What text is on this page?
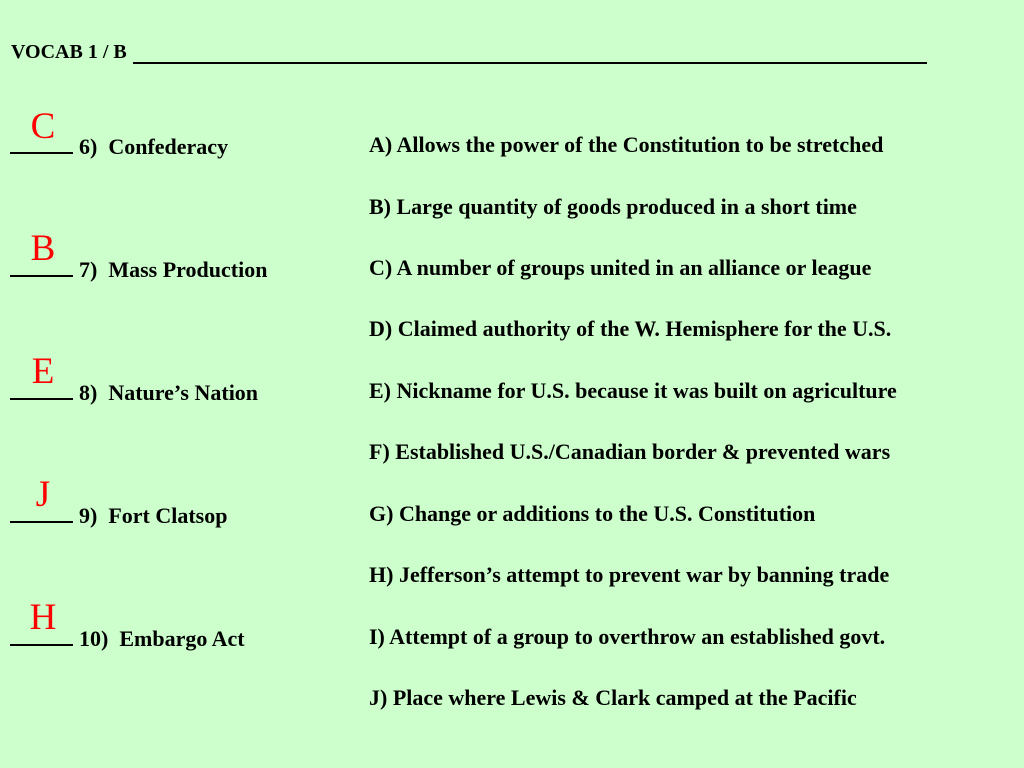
VOCAB 1 / B
C
B
E
J
H
6) Confederacy
7) Mass Production
8) Nature’s Nation
9) Fort Clatsop
10) Embargo Act
A) Allows the power of the Constitution to be stretched
B) Large quantity of goods produced in a short time
C) A number of groups united in an alliance or league
D) Claimed authority of the W. Hemisphere for the U.S.
E) Nickname for U.S. because it was built on agriculture
F) Established U.S./Canadian border & prevented wars
G) Change or additions to the U.S. Constitution
H) Jefferson’s attempt to prevent war by banning trade
I) Attempt of a group to overthrow an established govt.
J) Place where Lewis & Clark camped at the Pacific
